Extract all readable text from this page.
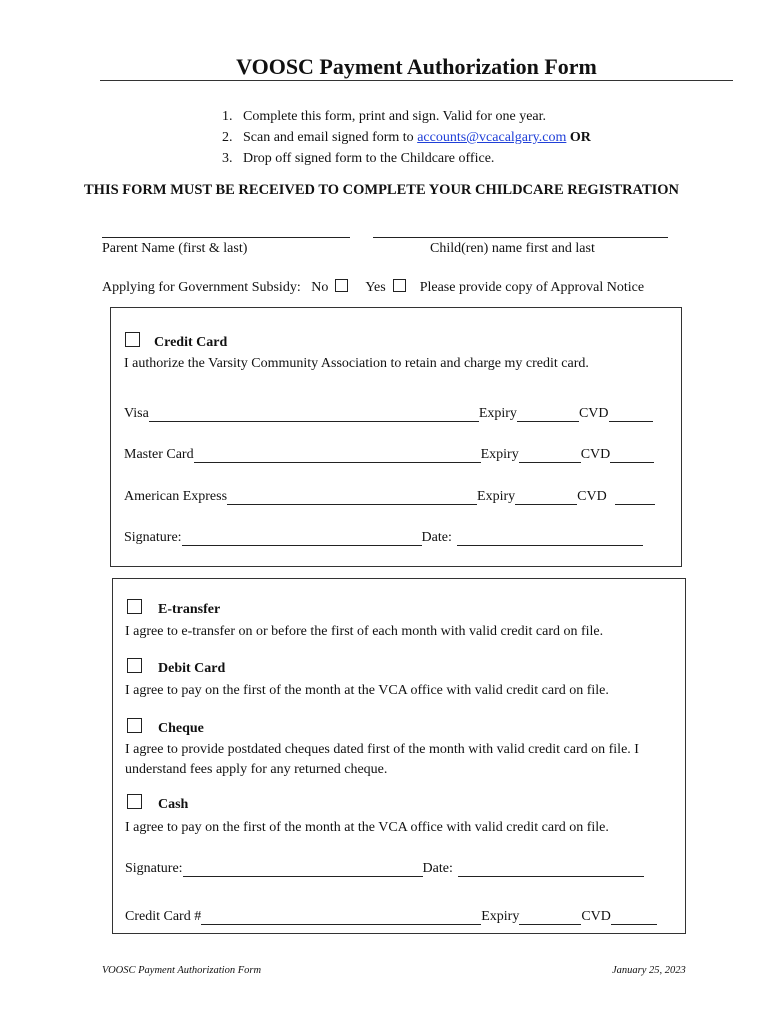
VOOSC Payment Authorization Form
1. Complete this form, print and sign. Valid for one year.
2. Scan and email signed form to accounts@vcacalgary.com OR
3. Drop off signed form to the Childcare office.
THIS FORM MUST BE RECEIVED TO COMPLETE YOUR CHILDCARE REGISTRATION
Parent Name (first & last)	Child(ren) name first and last
Applying for Government Subsidy: No	Yes Please provide copy of Approval Notice
Credit Card
I authorize the Varsity Community Association to retain and charge my credit card.
Visa	Expiry	CVD
Master Card	Expiry	CVD
American Express	Expiry	CVD
Signature:	Date:
E-transfer
I agree to e-transfer on or before the first of each month with valid credit card on file.
Debit Card
I agree to pay on the first of the month at the VCA office with valid credit card on file.
Cheque
I agree to provide postdated cheques dated first of the month with valid credit card on file. I understand fees apply for any returned cheque.
Cash
I agree to pay on the first of the month at the VCA office with valid credit card on file.
Signature:	Date:
Credit Card #	Expiry	CVD
VOOSC Payment Authorization Form	January 25, 2023
